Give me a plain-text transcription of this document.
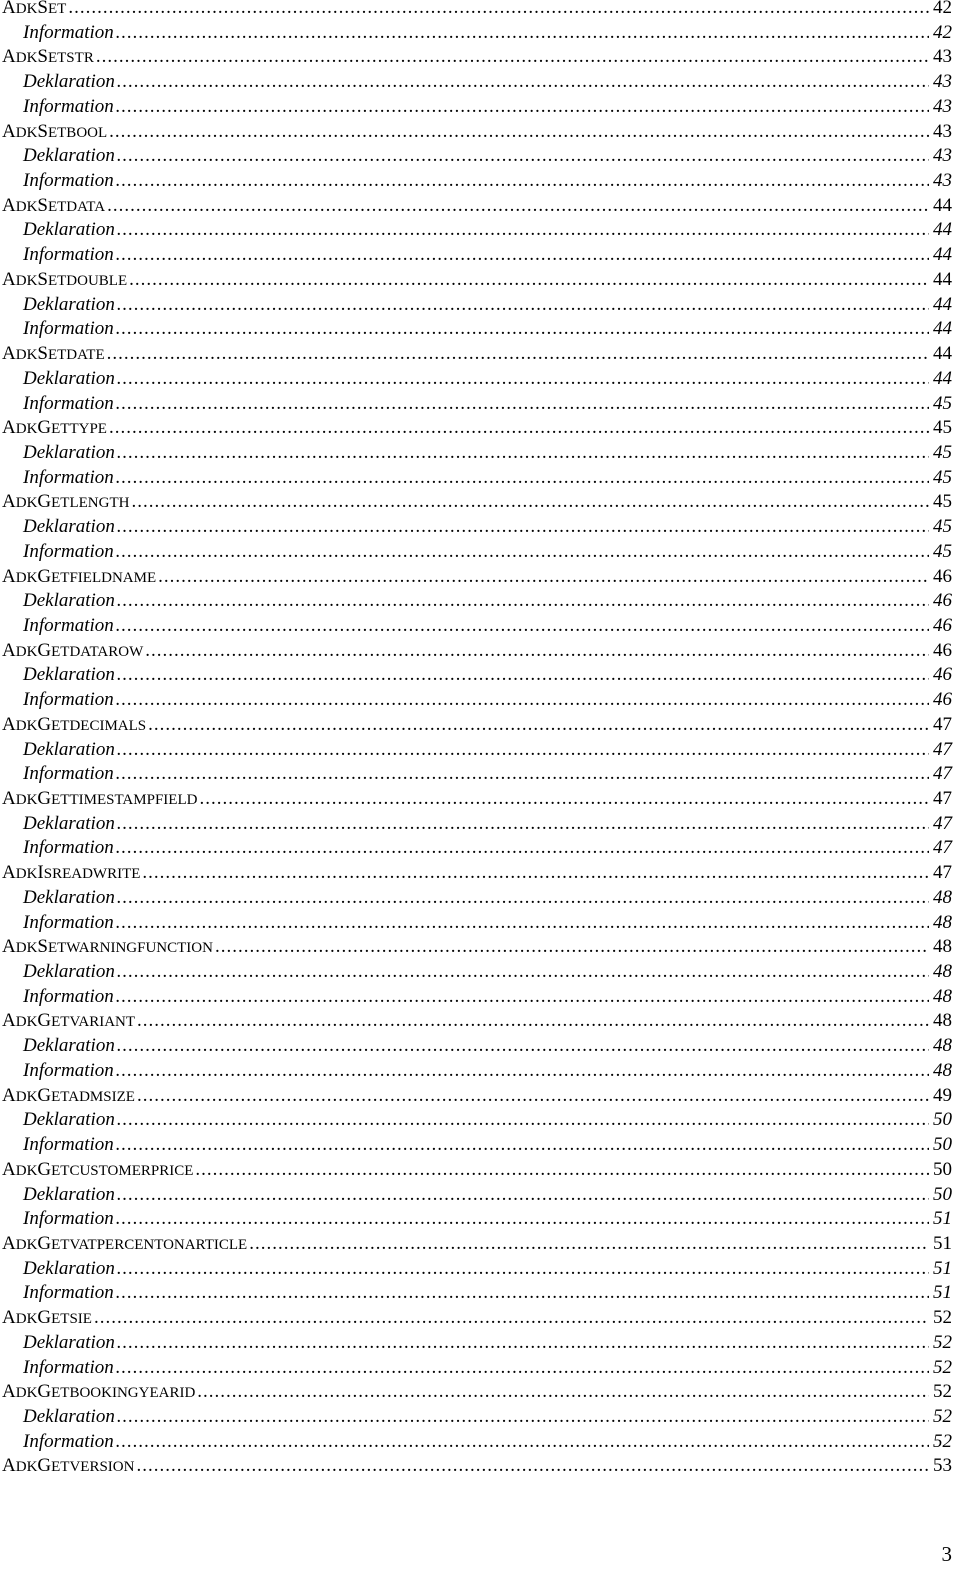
ADKSET .....	42
Information .....	42
ADKSETSTR .....	43
Deklaration .....	43
Information .....	43
ADKSETBOOL .....	43
Deklaration .....	43
Information .....	43
ADKSETDATA .....	44
Deklaration .....	44
Information .....	44
ADKSETDOUBLE .....	44
Deklaration .....	44
Information .....	44
ADKSETDATE .....	44
Deklaration .....	44
Information .....	45
ADKGETTYPE .....	45
Deklaration .....	45
Information .....	45
ADKGETLENGTH .....	45
Deklaration .....	45
Information .....	45
ADKGETFIELDNAME .....	46
Deklaration .....	46
Information .....	46
ADKGETDATAROW .....	46
Deklaration .....	46
Information .....	46
ADKGETDECIMALS .....	47
Deklaration .....	47
Information .....	47
ADKGETTIMESTAMPFIELD .....	47
Deklaration .....	47
Information .....	47
ADKISREADWRITE .....	47
Deklaration .....	48
Information .....	48
ADKSETWARNINGFUNCTION .....	48
Deklaration .....	48
Information .....	48
ADKGETVARIANT .....	48
Deklaration .....	48
Information .....	48
ADKGETADMSIZE .....	49
Deklaration .....	50
Information .....	50
ADKGETCUSTOMERPRICE .....	50
Deklaration .....	50
Information .....	51
ADKGETVATPERCENTONARTICLE .....	51
Deklaration .....	51
Information .....	51
ADKGETSIE .....	52
Deklaration .....	52
Information .....	52
ADKGETBOOKINGYEARID .....	52
Deklaration .....	52
Information .....	52
ADKGETVERSION .....	53
3
